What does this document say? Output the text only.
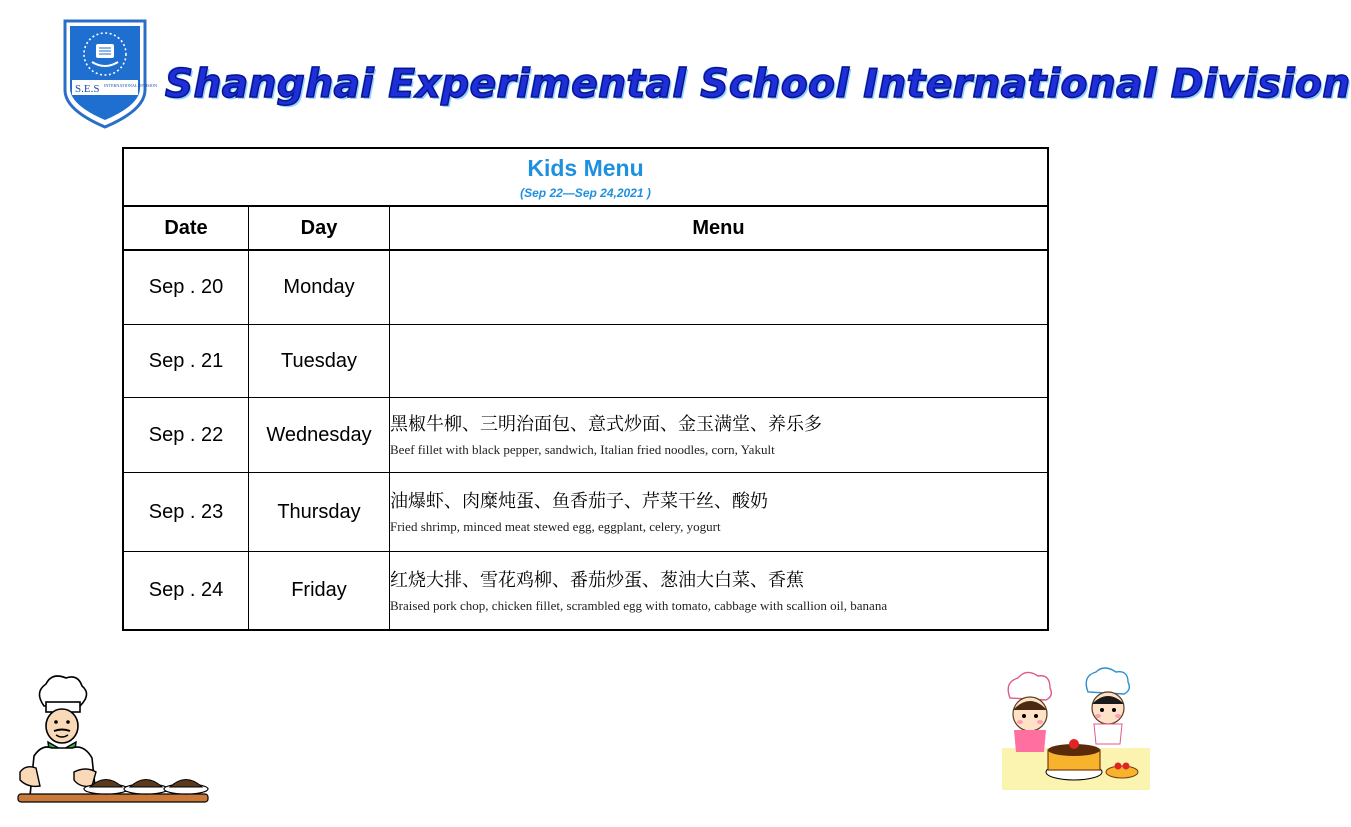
S.E.S INTERNATIONAL DIVISION Shanghai Experimental School International Division
Kids Menu
(Sep 22—Sep 24,2021 )		

Date	Day	Menu
Sep . 20	Monday	

Sep . 21	Tuesday	

Sep . 22	Wednesday	黑椒牛柳、三明治面包、意式炒面、金玉满堂、养乐多
Beef fillet with black pepper, sandwich, Italian fried noodles, corn, Yakult

Sep . 23	Thursday	油爆虾、肉糜炖蛋、鱼香茄子、芹菜干丝、酸奶
Fried shrimp, minced meat stewed egg, eggplant, celery, yogurt

Sep . 24	Friday	红烧大排、雪花鸡柳、番茄炒蛋、葱油大白菜、香蕉
Braised pork chop, chicken fillet, scrambled egg with tomato, cabbage with scallion oil, banana
